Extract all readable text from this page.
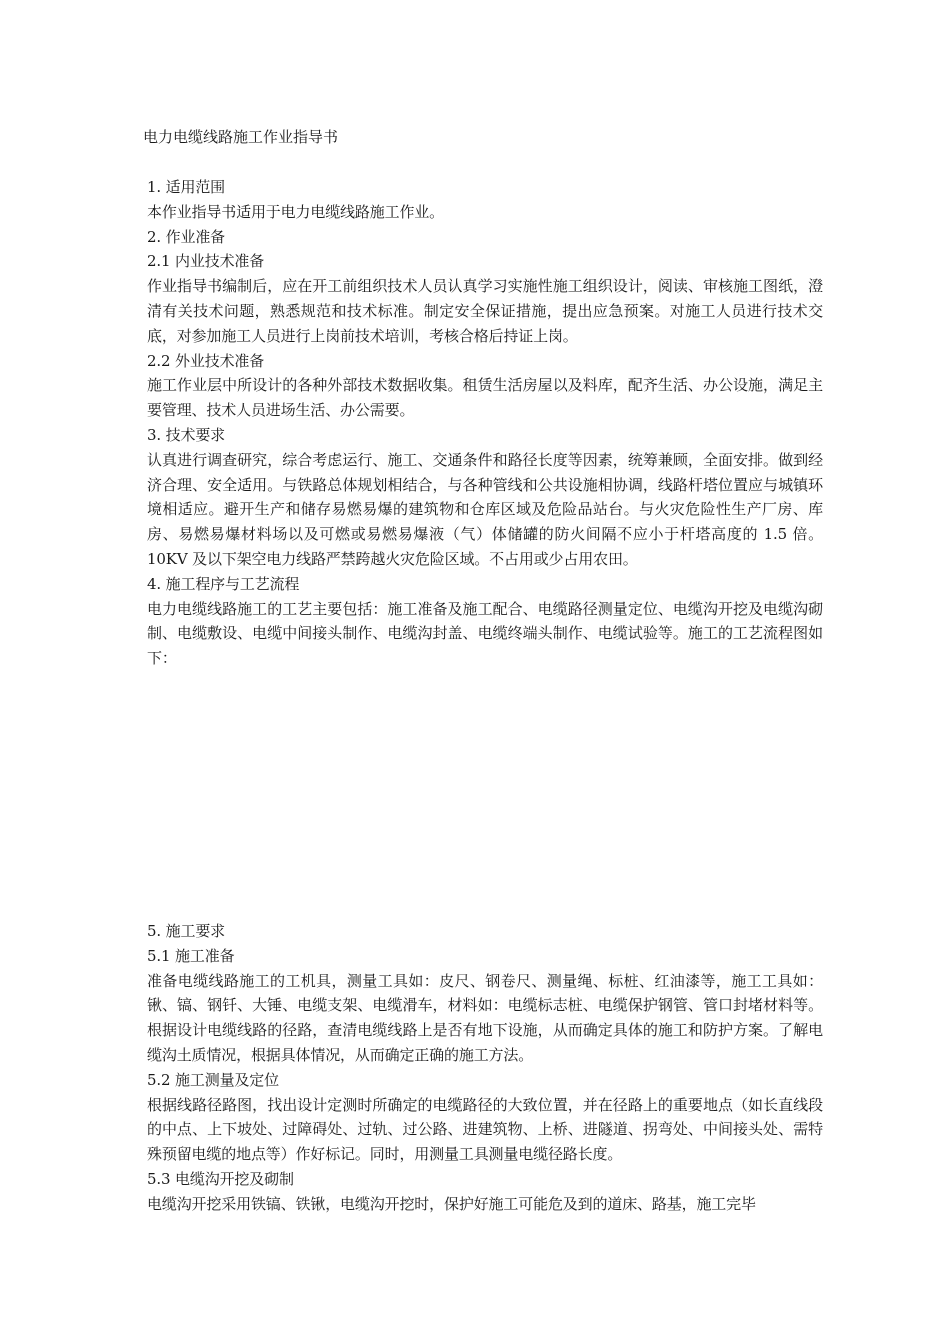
电力电缆线路施工作业指导书
1. 适用范围
本作业指导书适用于电力电缆线路施工作业。
2. 作业准备
2.1 内业技术准备
作业指导书编制后，应在开工前组织技术人员认真学习实施性施工组织设计，阅读、审核施工图纸，澄清有关技术问题，熟悉规范和技术标准。制定安全保证措施，提出应急预案。对施工人员进行技术交底，对参加施工人员进行上岗前技术培训，考核合格后持证上岗。
2.2 外业技术准备
施工作业层中所设计的各种外部技术数据收集。租赁生活房屋以及料库，配齐生活、办公设施，满足主要管理、技术人员进场生活、办公需要。
3. 技术要求
认真进行调查研究，综合考虑运行、施工、交通条件和路径长度等因素，统筹兼顾，全面安排。做到经济合理、安全适用。与铁路总体规划相结合，与各种管线和公共设施相协调，线路杆塔位置应与城镇环境相适应。避开生产和储存易燃易爆的建筑物和仓库区域及危险品站台。与火灾危险性生产厂房、库房、易燃易爆材料场以及可燃或易燃易爆液（气）体储罐的防火间隔不应小于杆塔高度的 1.5 倍。10KV 及以下架空电力线路严禁跨越火灾危险区域。不占用或少占用农田。
4. 施工程序与工艺流程
电力电缆线路施工的工艺主要包括：施工准备及施工配合、电缆路径测量定位、电缆沟开挖及电缆沟砌制、电缆敷设、电缆中间接头制作、电缆沟封盖、电缆终端头制作、电缆试验等。施工的工艺流程图如下：
5. 施工要求
5.1 施工准备
准备电缆线路施工的工机具，测量工具如：皮尺、钢卷尺、测量绳、标桩、红油漆等，施工工具如：锹、镐、钢钎、大锤、电缆支架、电缆滑车，材料如：电缆标志桩、电缆保护钢管、管口封堵材料等。根据设计电缆线路的径路，查清电缆线路上是否有地下设施，从而确定具体的施工和防护方案。了解电缆沟土质情况，根据具体情况，从而确定正确的施工方法。
5.2 施工测量及定位
根据线路径路图，找出设计定测时所确定的电缆路径的大致位置，并在径路上的重要地点（如长直线段的中点、上下坡处、过障碍处、过轨、过公路、进建筑物、上桥、进隧道、拐弯处、中间接头处、需特殊预留电缆的地点等）作好标记。同时，用测量工具测量电缆径路长度。
5.3 电缆沟开挖及砌制
电缆沟开挖采用铁镐、铁锹，电缆沟开挖时，保护好施工可能危及到的道床、路基，施工完毕
